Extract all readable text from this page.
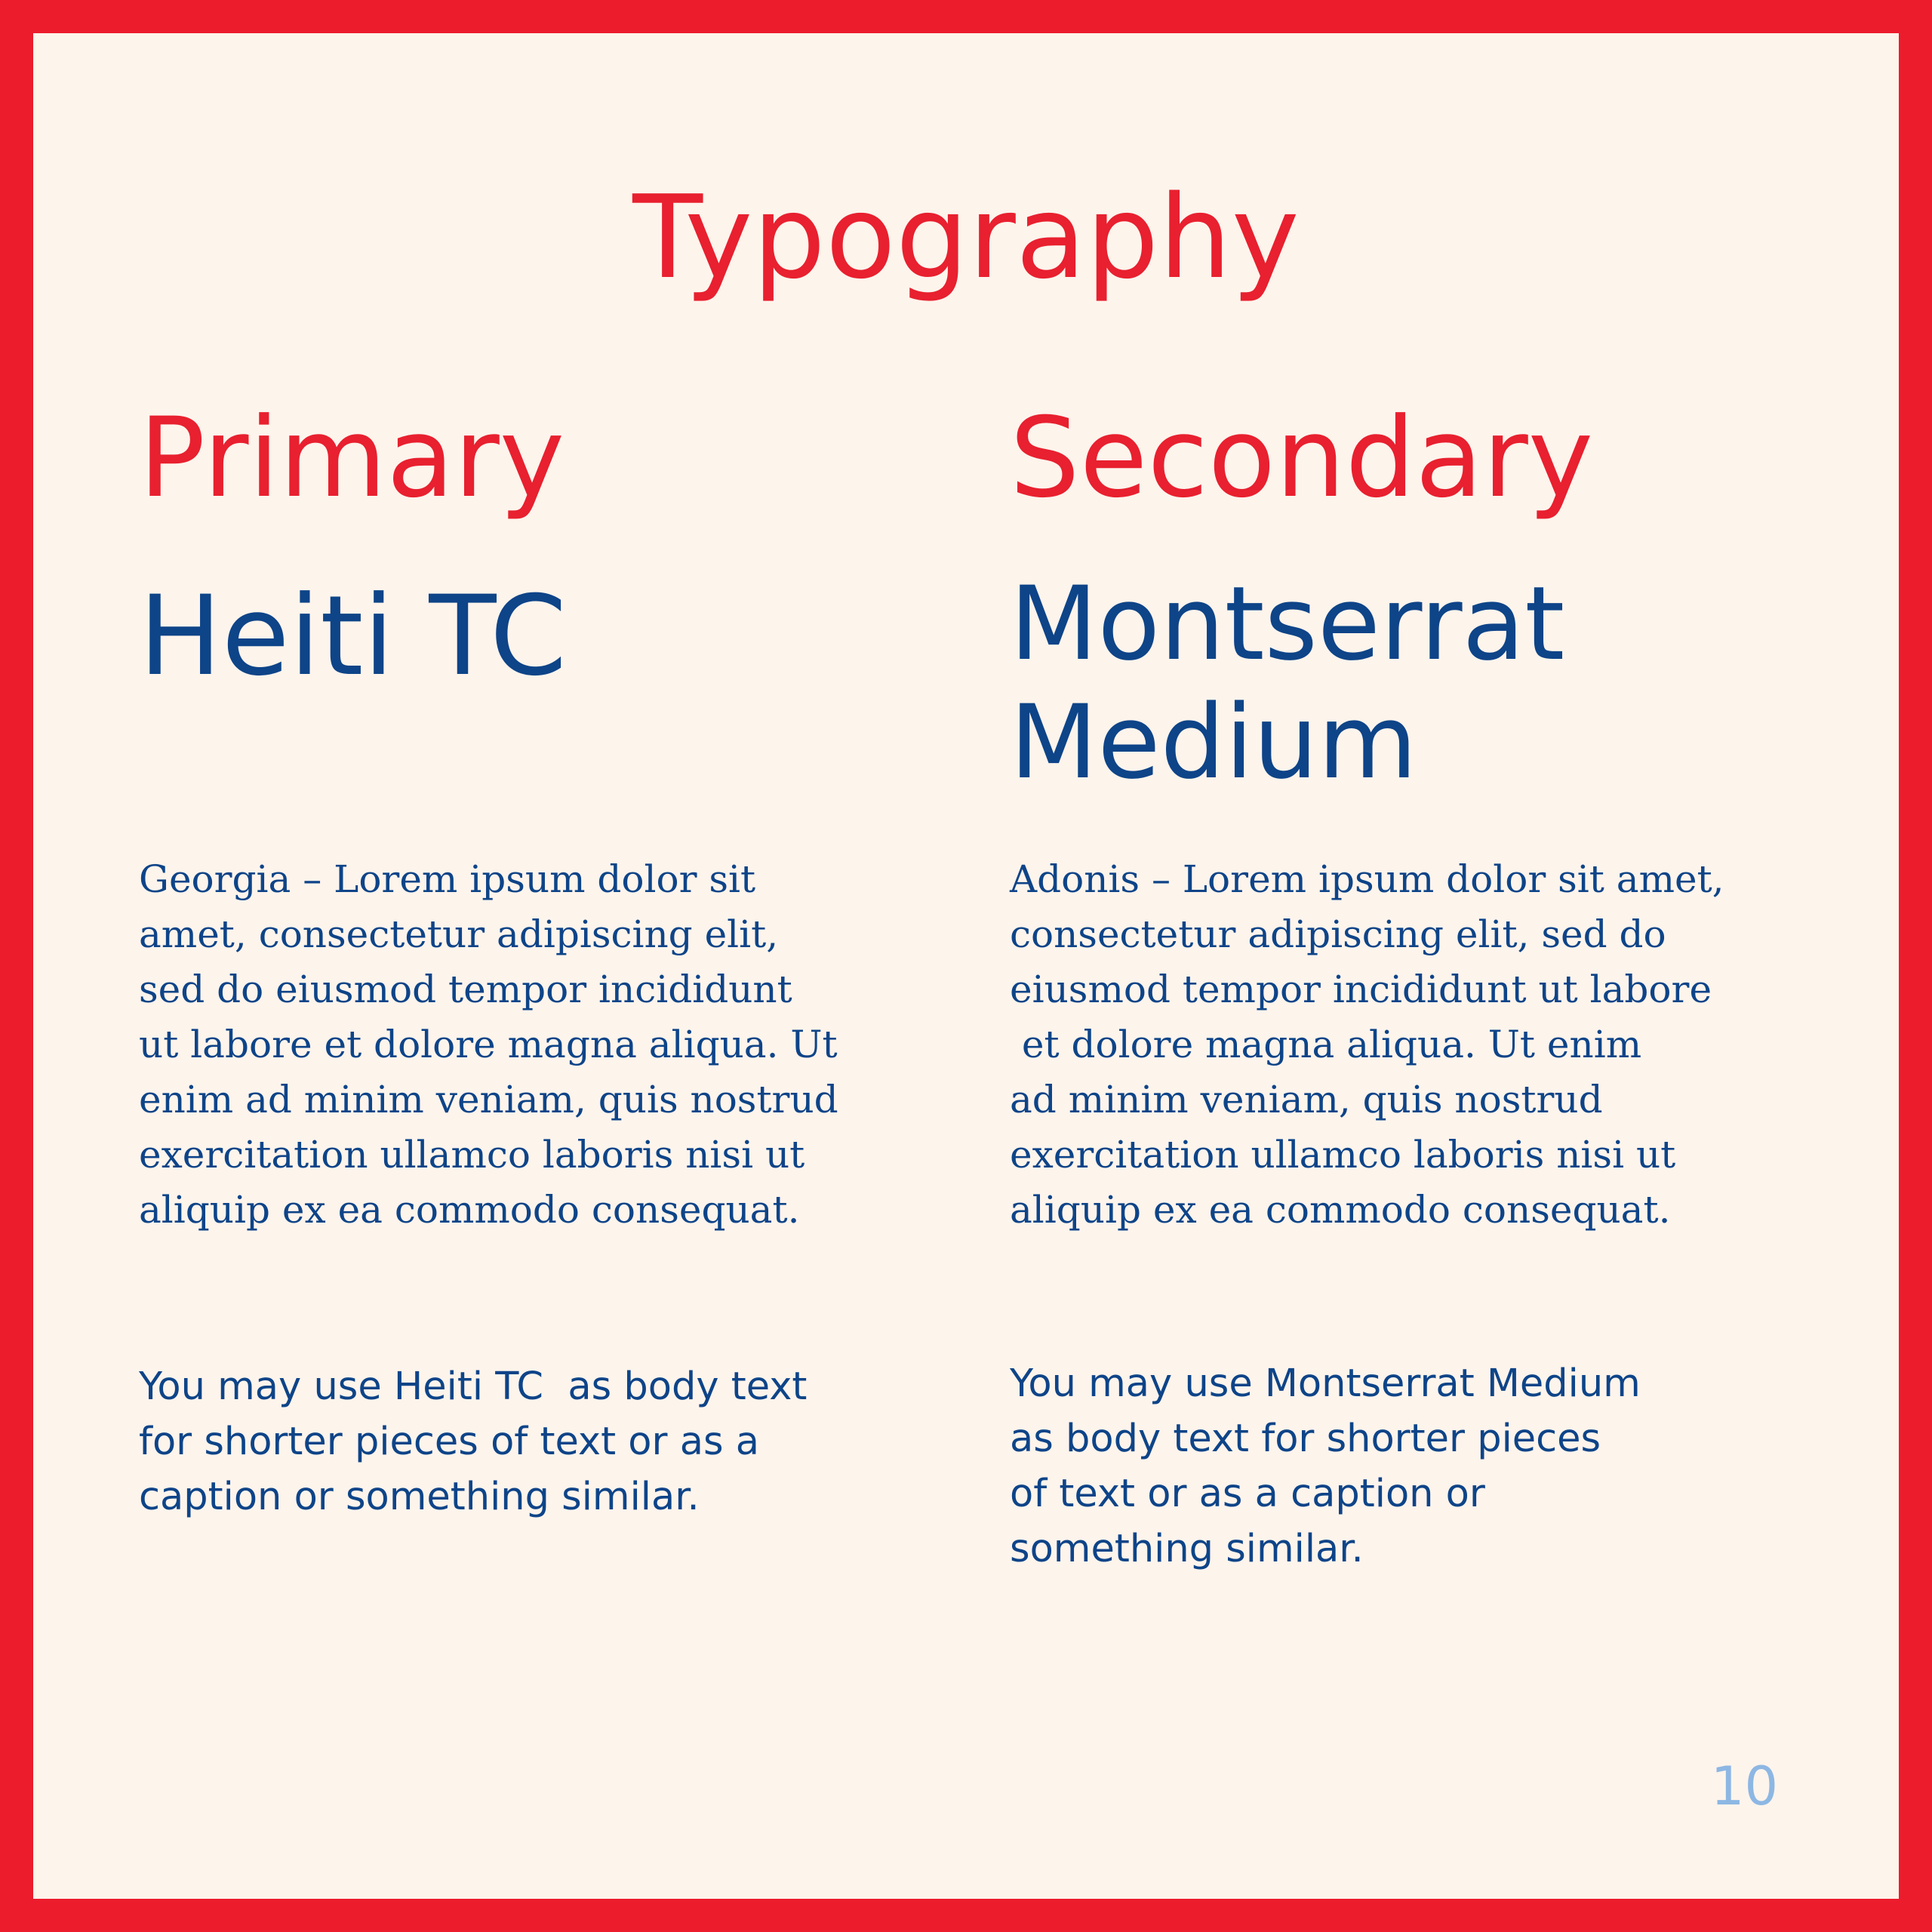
Typography
Primary	Secondary
Heiti TC	Montserrat
Medium
Georgia – Lorem ipsum dolor sit
amet, consectetur adipiscing elit,
sed do eiusmod tempor incididunt
ut labore et dolore magna aliqua. Ut
enim ad minim veniam, quis nostrud
exercitation ullamco laboris nisi ut
aliquip ex ea commodo consequat.
Adonis – Lorem ipsum dolor sit amet,
consectetur adipiscing elit, sed do
eiusmod tempor incididunt ut labore
et dolore magna aliqua. Ut enim
ad minim veniam, quis nostrud
exercitation ullamco laboris nisi ut
aliquip ex ea commodo consequat.
You may use Heiti TC  as body text
for shorter pieces of text or as a
caption or something similar.
You may use Montserrat Medium
as body text for shorter pieces
of text or as a caption or
something similar.
10
